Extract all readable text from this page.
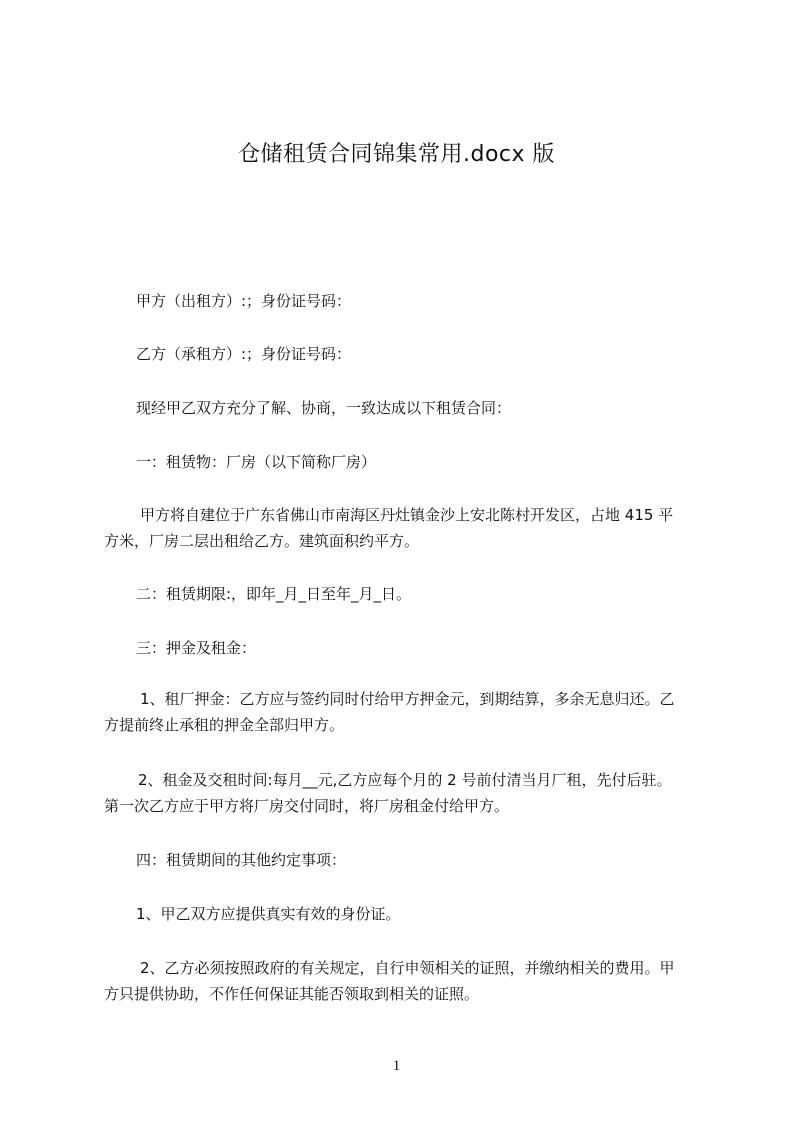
仓储租赁合同锦集常用.docx 版

甲方（出租方）:；身份证号码：

乙方（承租方）:；身份证号码：

现经甲乙双方充分了解、协商，一致达成以下租赁合同：

一：租赁物：厂房（以下简称厂房）

甲方将自建位于广东省佛山市南海区丹灶镇金沙上安北陈村开发区，占地 415 平
方米，厂房二层出租给乙方。建筑面积约平方。

二：租赁期限:，即年_月_日至年_月_日。

三：押金及租金：

1、租厂押金：乙方应与签约同时付给甲方押金元，到期结算，多余无息归还。乙
方提前终止承租的押金全部归甲方。
2、租金及交租时间:每月__元,乙方应每个月的 2 号前付清当月厂租，先付后驻。
第一次乙方应于甲方将厂房交付同时，将厂房租金付给甲方。

四：租赁期间的其他约定事项：

1、甲乙双方应提供真实有效的身份证。

2、乙方必须按照政府的有关规定，自行申领相关的证照，并缴纳相关的费用。甲
方只提供协助，不作任何保证其能否领取到相关的证照。
1
